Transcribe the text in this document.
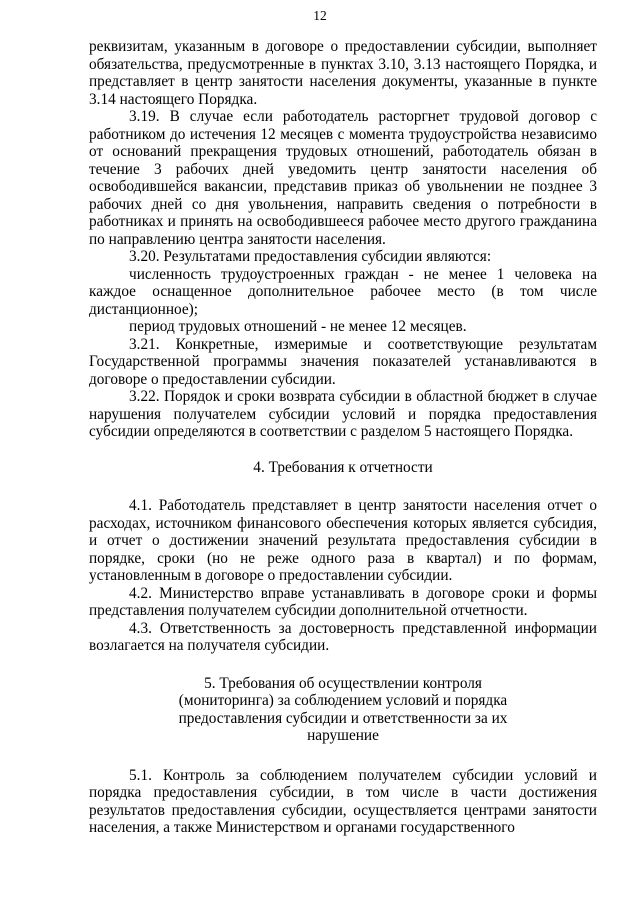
12

реквизитам, указанным в договоре о предоставлении субсидии, выполняет обязательства, предусмотренные в пунктах 3.10, 3.13 настоящего Порядка, и представляет в центр занятости населения документы, указанные в пункте 3.14 настоящего Порядка.

3.19. В случае если работодатель расторгнет трудовой договор с работником до истечения 12 месяцев с момента трудоустройства независимо от оснований прекращения трудовых отношений, работодатель обязан в течение 3 рабочих дней уведомить центр занятости населения об освободившейся вакансии, представив приказ об увольнении не позднее 3 рабочих дней со дня увольнения, направить сведения о потребности в работниках и принять на освободившееся рабочее место другого гражданина по направлению центра занятости населения.

3.20. Результатами предоставления субсидии являются:

численность трудоустроенных граждан - не менее 1 человека на каждое оснащенное дополнительное рабочее место (в том числе дистанционное);

период трудовых отношений - не менее 12 месяцев.

3.21. Конкретные, измеримые и соответствующие результатам Государственной программы значения показателей устанавливаются в договоре о предоставлении субсидии.

3.22. Порядок и сроки возврата субсидии в областной бюджет в случае нарушения получателем субсидии условий и порядка предоставления субсидии определяются в соответствии с разделом 5 настоящего Порядка.

4. Требования к отчетности

4.1. Работодатель представляет в центр занятости населения отчет о расходах, источником финансового обеспечения которых является субсидия, и отчет о достижении значений результата предоставления субсидии в порядке, сроки (но не реже одного раза в квартал) и по формам, установленным в договоре о предоставлении субсидии.

4.2. Министерство вправе устанавливать в договоре сроки и формы представления получателем субсидии дополнительной отчетности.

4.3. Ответственность за достоверность представленной информации возлагается на получателя субсидии.

5. Требования об осуществлении контроля
(мониторинга) за соблюдением условий и порядка
предоставления субсидии и ответственности за их
нарушение

5.1. Контроль за соблюдением получателем субсидии условий и порядка предоставления субсидии, в том числе в части достижения результатов предоставления субсидии, осуществляется центрами занятости населения, а также Министерством и органами государственного
